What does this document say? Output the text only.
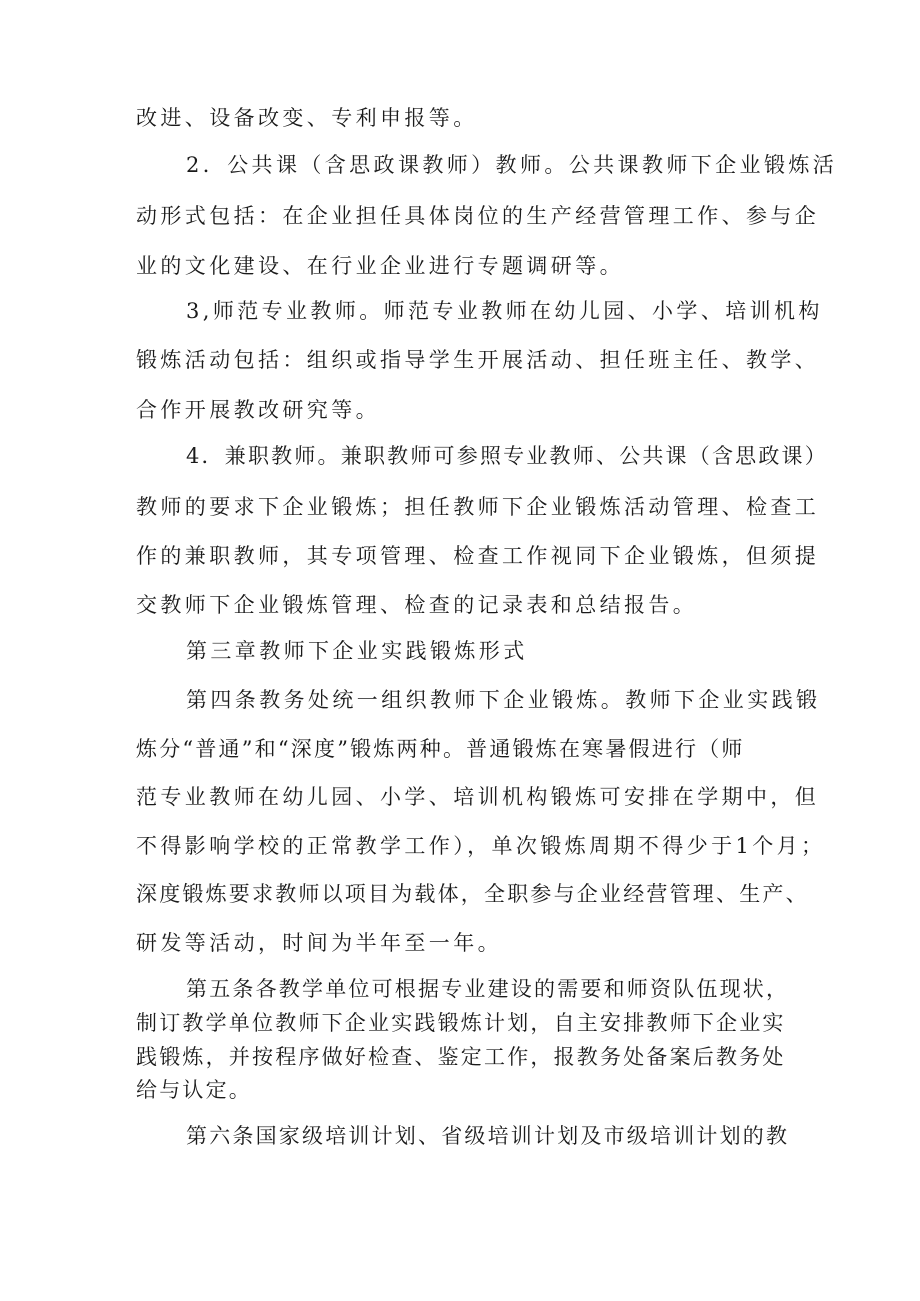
改进、设备改变、专利申报等。
2．公共课（含思政课教师）教师。公共课教师下企业锻炼活
动形式包括：在企业担任具体岗位的生产经营管理工作、参与企
业的文化建设、在行业企业进行专题调研等。
3,师范专业教师。师范专业教师在幼儿园、小学、培训机构
锻炼活动包括：组织或指导学生开展活动、担任班主任、教学、
合作开展教改研究等。
4．兼职教师。兼职教师可参照专业教师、公共课（含思政课）
教师的要求下企业锻炼；担任教师下企业锻炼活动管理、检查工
作的兼职教师，其专项管理、检查工作视同下企业锻炼，但须提
交教师下企业锻炼管理、检查的记录表和总结报告。
第三章教师下企业实践锻炼形式
第四条教务处统一组织教师下企业锻炼。教师下企业实践锻
炼分“普通”和“深度”锻炼两种。普通锻炼在寒暑假进行（师
范专业教师在幼儿园、小学、培训机构锻炼可安排在学期中，但
不得影响学校的正常教学工作），单次锻炼周期不得少于1个月；
深度锻炼要求教师以项目为载体，全职参与企业经营管理、生产、
研发等活动，时间为半年至一年。
第五条各教学单位可根据专业建设的需要和师资队伍现状，
制订教学单位教师下企业实践锻炼计划，自主安排教师下企业实
践锻炼，并按程序做好检查、鉴定工作，报教务处备案后教务处
给与认定。
第六条国家级培训计划、省级培训计划及市级培训计划的教
